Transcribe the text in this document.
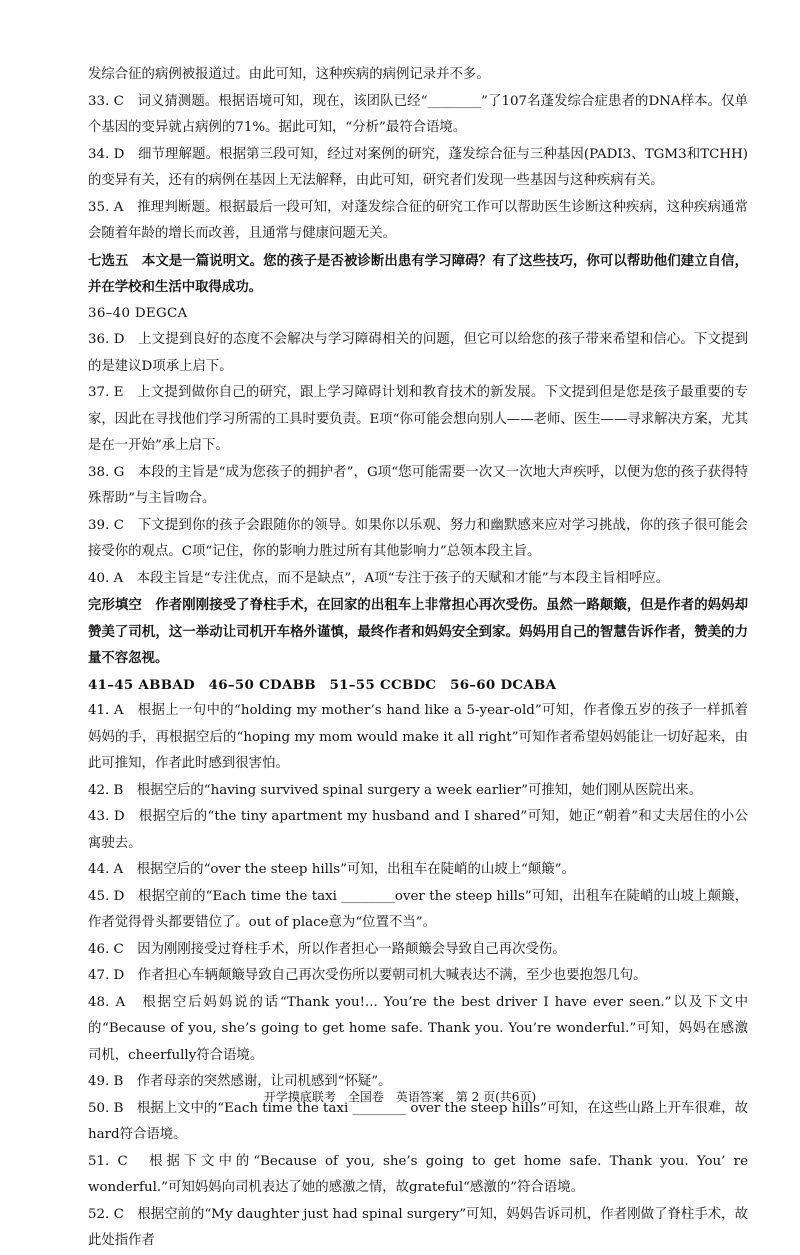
发综合征的病例被报道过。由此可知，这种疾病的病例记录并不多。

33. C　词义猜测题。根据语境可知，现在，该团队已经“________”了107名蓬发综合症患者的DNA样本。仅单个基因的变异就占病例的71%。据此可知，“分析”最符合语境。

34. D　细节理解题。根据第三段可知，经过对案例的研究，蓬发综合征与三种基因(PADI3、TGM3和TCHH)的变异有关，还有的病例在基因上无法解释，由此可知，研究者们发现一些基因与这种疾病有关。

35. A　推理判断题。根据最后一段可知，对蓬发综合征的研究工作可以帮助医生诊断这种疾病，这种疾病通常会随着年龄的增长而改善，且通常与健康问题无关。

七选五　本文是一篇说明文。您的孩子是否被诊断出患有学习障碍？有了这些技巧，你可以帮助他们建立自信，并在学校和生活中取得成功。

36–40 DEGCA

36. D　上文提到良好的态度不会解决与学习障碍相关的问题，但它可以给您的孩子带来希望和信心。下文提到的是建议D项承上启下。

37. E　上文提到做你自己的研究，跟上学习障碍计划和教育技术的新发展。下文提到但是您是孩子最重要的专家，因此在寻找他们学习所需的工具时要负责。E项“你可能会想向别人——老师、医生——寻求解决方案，尤其是在一开始”承上启下。

38. G　本段的主旨是“成为您孩子的拥护者”，G项“您可能需要一次又一次地大声疾呼，以便为您的孩子获得特殊帮助”与主旨吻合。

39. C　下文提到你的孩子会跟随你的领导。如果你以乐观、努力和幽默感来应对学习挑战，你的孩子很可能会接受你的观点。C项“记住，你的影响力胜过所有其他影响力”总领本段主旨。

40. A　本段主旨是“专注优点，而不是缺点”，A项“专注于孩子的天赋和才能”与本段主旨相呼应。

完形填空　作者刚刚接受了脊柱手术，在回家的出租车上非常担心再次受伤。虽然一路颠簸，但是作者的妈妈却赞美了司机，这一举动让司机开车格外谨慎，最终作者和妈妈安全到家。妈妈用自己的智慧告诉作者，赞美的力量不容忽视。

41–45 ABBAD　46–50 CDABB　51–55 CCBDC　56–60 DCABA

41. A　根据上一句中的“holding my mother’s hand like a 5-year-old”可知，作者像五岁的孩子一样抓着妈妈的手，再根据空后的“hoping my mom would make it all right”可知作者希望妈妈能让一切好起来，由此可推知，作者此时感到很害怕。

42. B　根据空后的“having survived spinal surgery a week earlier”可推知，她们刚从医院出来。

43. D　根据空后的“the tiny apartment my husband and I shared”可知，她正“朝着”和丈夫居住的小公寓驶去。

44. A　根据空后的“over the steep hills”可知，出租车在陡峭的山坡上“颠簸”。

45. D　根据空前的“Each time the taxi ________over the steep hills”可知，出租车在陡峭的山坡上颠簸，作者觉得骨头都要错位了。out of place意为“位置不当”。

46. C　因为刚刚接受过脊柱手术，所以作者担心一路颠簸会导致自己再次受伤。

47. D　作者担心车辆颠簸导致自己再次受伤所以要朝司机大喊表达不满，至少也要抱怨几句。

48. A　根据空后妈妈说的话“Thank you!... You’re the best driver I have ever seen.”以及下文中的“Because of you, she’s going to get home safe. Thank you. You’re wonderful.”可知，妈妈在感激司机，cheerfully符合语境。

49. B　作者母亲的突然感谢，让司机感到“怀疑”。

50. B　根据上文中的“Each time the taxi ________ over the steep hills”可知，在这些山路上开车很难，故hard符合语境。

51. C　根据下文中的“Because of you, she’s going to get home safe. Thank you. You’ re wonderful.”可知妈妈向司机表达了她的感激之情，故grateful“感激的”符合语境。

52. C　根据空前的“My daughter just had spinal surgery”可知，妈妈告诉司机，作者刚做了脊柱手术，故此处指作者

开学摸底联考　全国卷　英语答案　第 2 页(共6页)
